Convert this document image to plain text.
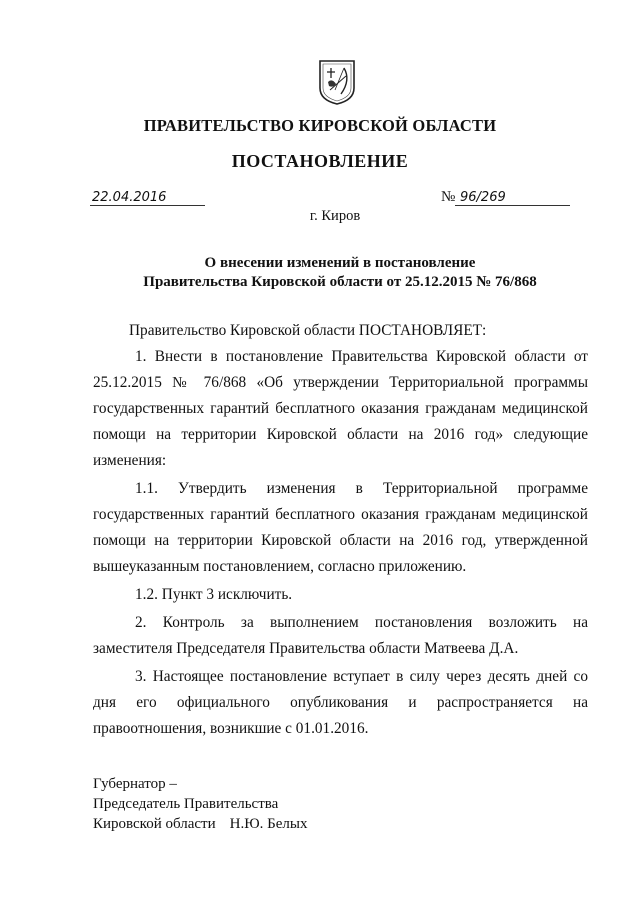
ПРАВИТЕЛЬСТВО КИРОВСКОЙ ОБЛАСТИ
ПОСТАНОВЛЕНИЕ
22.04.2016	№ 96/269
г. Киров
О внесении изменений в постановление
Правительства Кировской области от 25.12.2015 № 76/868

Правительство Кировской области ПОСТАНОВЛЯЕТ:

1. Внести в постановление Правительства Кировской области от 25.12.2015 № 76/868 «Об утверждении Территориальной программы государственных гарантий бесплатного оказания гражданам медицинской помощи на территории Кировской области на 2016 год» следующие изменения:

1.1. Утвердить изменения в Территориальной программе государственных гарантий бесплатного оказания гражданам медицинской помощи на территории Кировской области на 2016 год, утвержденной вышеуказанным постановлением, согласно приложению.

1.2. Пункт 3 исключить.

2. Контроль за выполнением постановления возложить на заместителя Председателя Правительства области Матвеева Д.А.

3. Настоящее постановление вступает в силу через десять дней со дня его официального опубликования и распространяется на правоотношения, возникшие с 01.01.2016.

Губернатор –
Председатель Правительства
Кировской области Н.Ю. Белых
